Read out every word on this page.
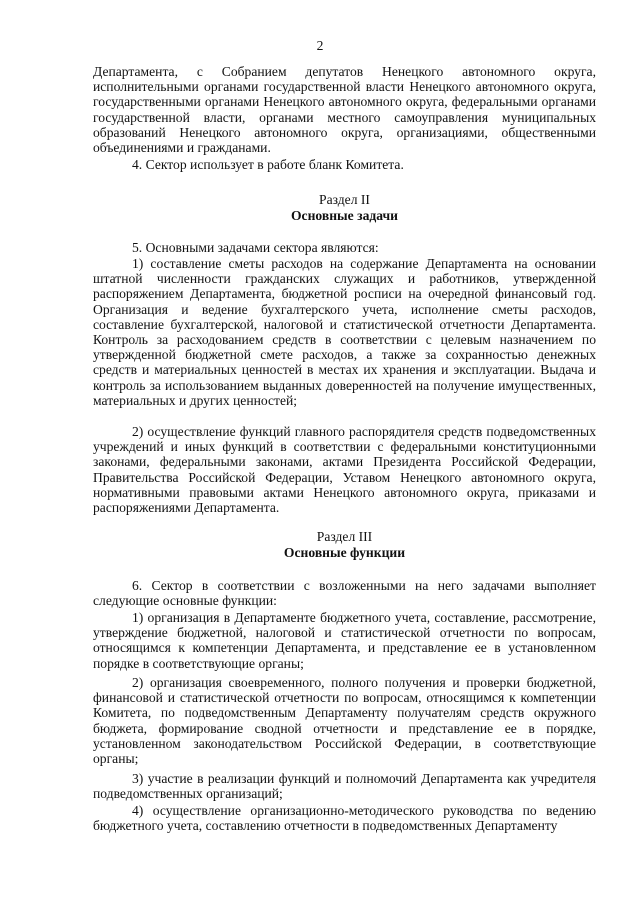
2

Департамента, с Собранием депутатов Ненецкого автономного округа, исполнительными органами государственной власти Ненецкого автономного округа, государственными органами Ненецкого автономного округа, федеральными органами государственной власти, органами местного самоуправления муниципальных образований Ненецкого автономного округа, организациями, общественными объединениями и гражданами.

4. Сектор использует в работе бланк Комитета.

Раздел II
Основные задачи

5. Основными задачами сектора являются:

1) составление сметы расходов на содержание Департамента на основании штатной численности гражданских служащих и работников, утвержденной распоряжением Департамента, бюджетной росписи на очередной финансовый год. Организация и ведение бухгалтерского учета, исполнение сметы расходов, составление бухгалтерской, налоговой и статистической отчетности Департамента. Контроль за расходованием средств в соответствии с целевым назначением по утвержденной бюджетной смете расходов, а также за сохранностью денежных средств и материальных ценностей в местах их хранения и эксплуатации. Выдача и контроль за использованием выданных доверенностей на получение имущественных, материальных и других ценностей;

2) осуществление функций главного распорядителя средств подведомственных учреждений и иных функций в соответствии с федеральными конституционными законами, федеральными законами, актами Президента Российской Федерации, Правительства Российской Федерации, Уставом Ненецкого автономного округа, нормативными правовыми актами Ненецкого автономного округа, приказами и распоряжениями Департамента.

Раздел III
Основные функции

6. Сектор в соответствии с возложенными на него задачами выполняет следующие основные функции:

1) организация в Департаменте бюджетного учета, составление, рассмотрение, утверждение бюджетной, налоговой и статистической отчетности по вопросам, относящимся к компетенции Департамента, и представление ее в установленном порядке в соответствующие органы;

2) организация своевременного, полного получения и проверки бюджетной, финансовой и статистической отчетности по вопросам, относящимся к компетенции Комитета, по подведомственным Департаменту получателям средств окружного бюджета, формирование сводной отчетности и представление ее в порядке, установленном законодательством Российской Федерации, в соответствующие органы;

3) участие в реализации функций и полномочий Департамента как учредителя подведомственных организаций;

4) осуществление организационно-методического руководства по ведению бюджетного учета, составлению отчетности в подведомственных Департаменту
